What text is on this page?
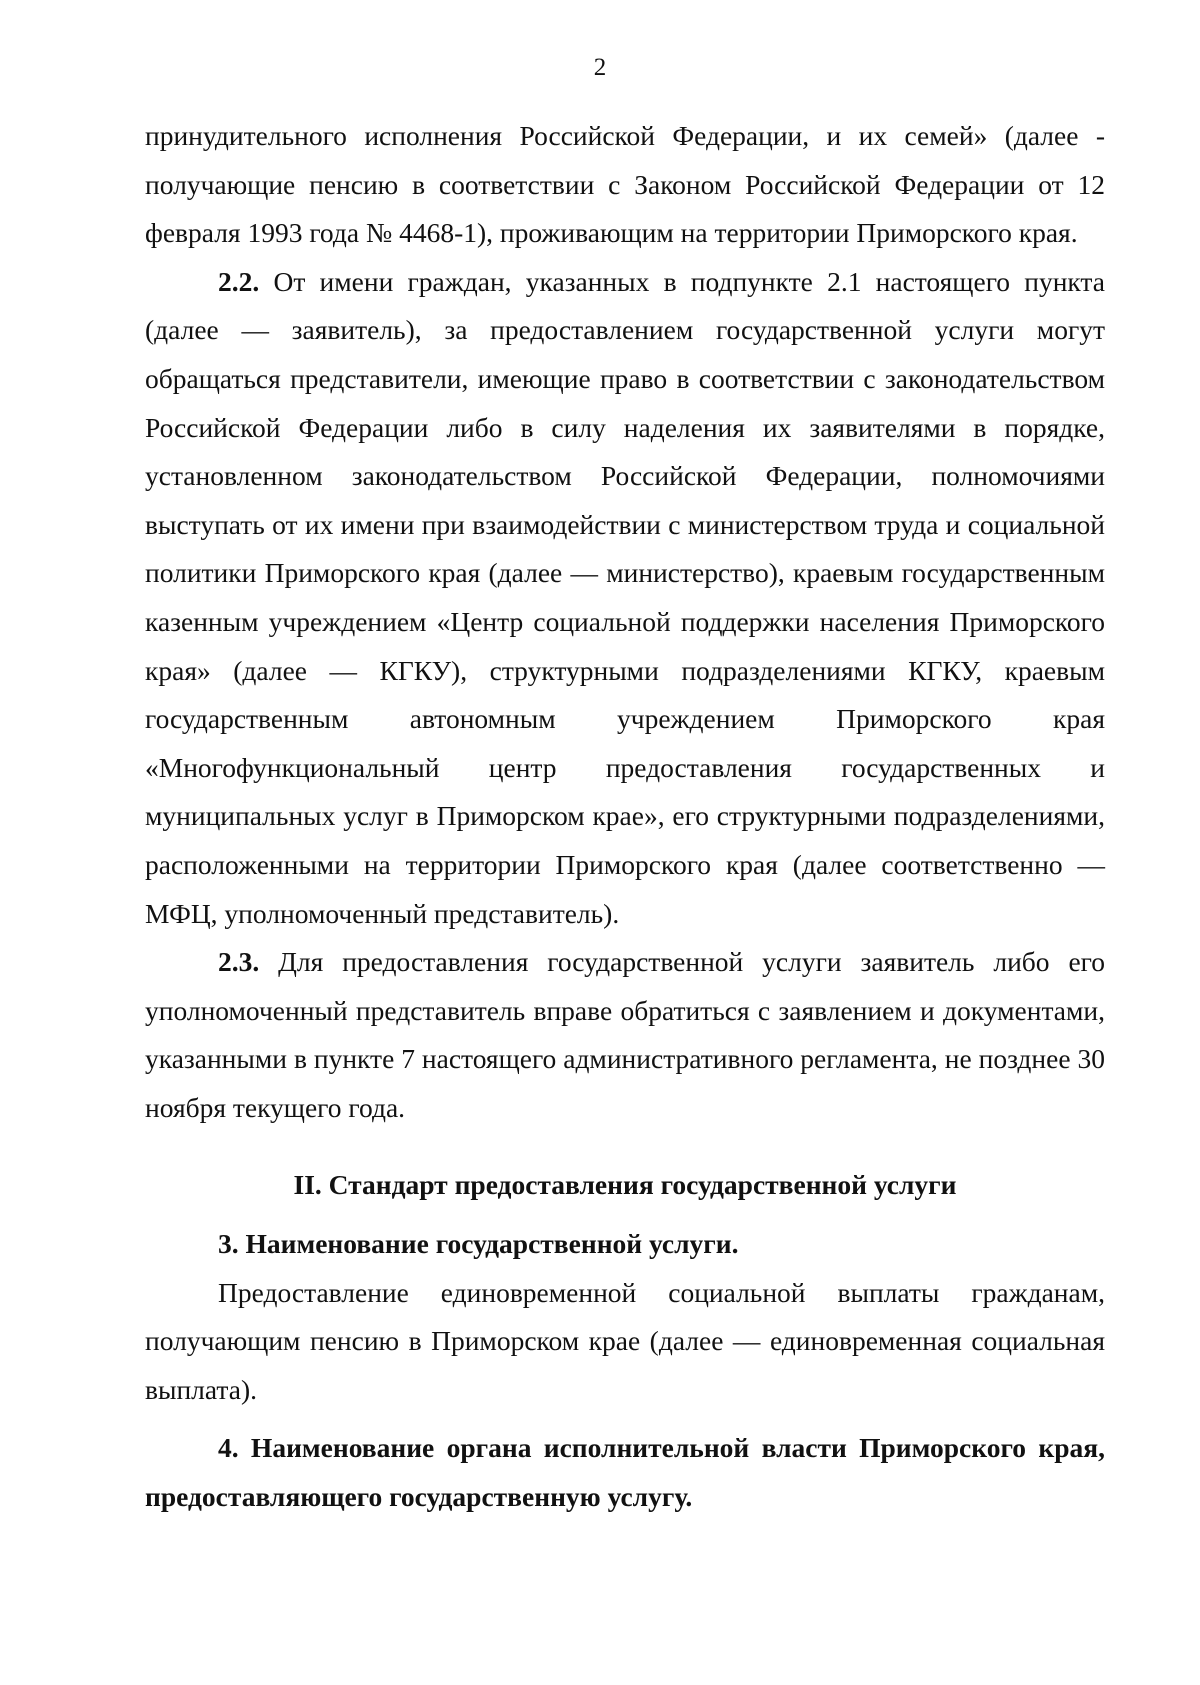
2

принудительного исполнения Российской Федерации, и их семей» (далее - получающие пенсию в соответствии с Законом Российской Федерации от 12 февраля 1993 года № 4468-1), проживающим на территории Приморского края.

2.2. От имени граждан, указанных в подпункте 2.1 настоящего пункта (далее — заявитель), за предоставлением государственной услуги могут обращаться представители, имеющие право в соответствии с законодательством Российской Федерации либо в силу наделения их заявителями в порядке, установленном законодательством Российской Федерации, полномочиями выступать от их имени при взаимодействии с министерством труда и социальной политики Приморского края (далее — министерство), краевым государственным казенным учреждением «Центр социальной поддержки населения Приморского края» (далее — КГКУ), структурными подразделениями КГКУ, краевым государственным автономным учреждением Приморского края «Многофункциональный центр предоставления государственных и муниципальных услуг в Приморском крае», его структурными подразделениями, расположенными на территории Приморского края (далее соответственно — МФЦ, уполномоченный представитель).

2.3. Для предоставления государственной услуги заявитель либо его уполномоченный представитель вправе обратиться с заявлением и документами, указанными в пункте 7 настоящего административного регламента, не позднее 30 ноября текущего года.

II. Стандарт предоставления государственной услуги

3. Наименование государственной услуги.

Предоставление единовременной социальной выплаты гражданам, получающим пенсию в Приморском крае (далее — единовременная социальная выплата).

4. Наименование органа исполнительной власти Приморского края, предоставляющего государственную услугу.
